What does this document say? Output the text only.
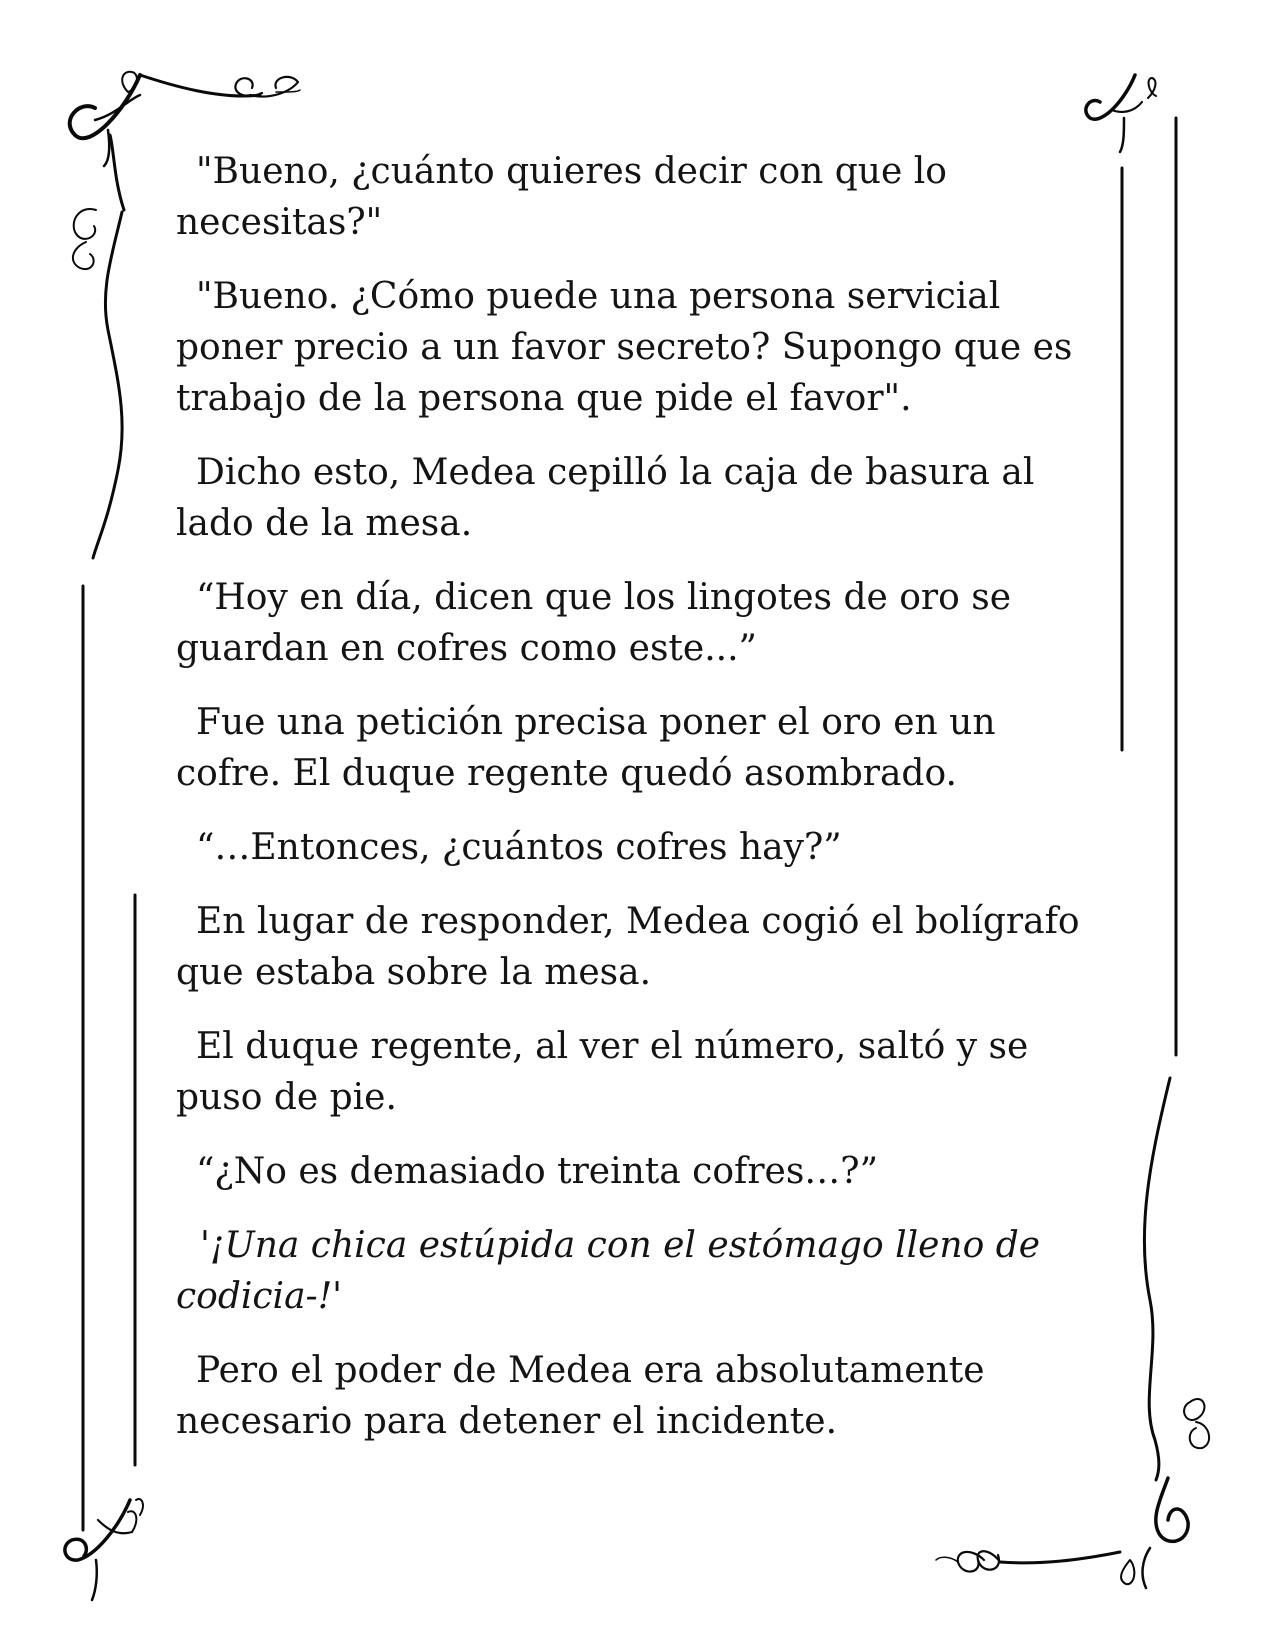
"Bueno, ¿cuánto quieres decir con que lo necesitas?"

"Bueno. ¿Cómo puede una persona servicial poner precio a un favor secreto? Supongo que es trabajo de la persona que pide el favor".

Dicho esto, Medea cepilló la caja de basura al lado de la mesa.

“Hoy en día, dicen que los lingotes de oro se guardan en cofres como este...”

Fue una petición precisa poner el oro en un cofre. El duque regente quedó asombrado.

“…Entonces, ¿cuántos cofres hay?”

En lugar de responder, Medea cogió el bolígrafo que estaba sobre la mesa.

El duque regente, al ver el número, saltó y se puso de pie.

“¿No es demasiado treinta cofres…?”

'¡Una chica estúpida con el estómago lleno de codicia-!'

Pero el poder de Medea era absolutamente necesario para detener el incidente.
